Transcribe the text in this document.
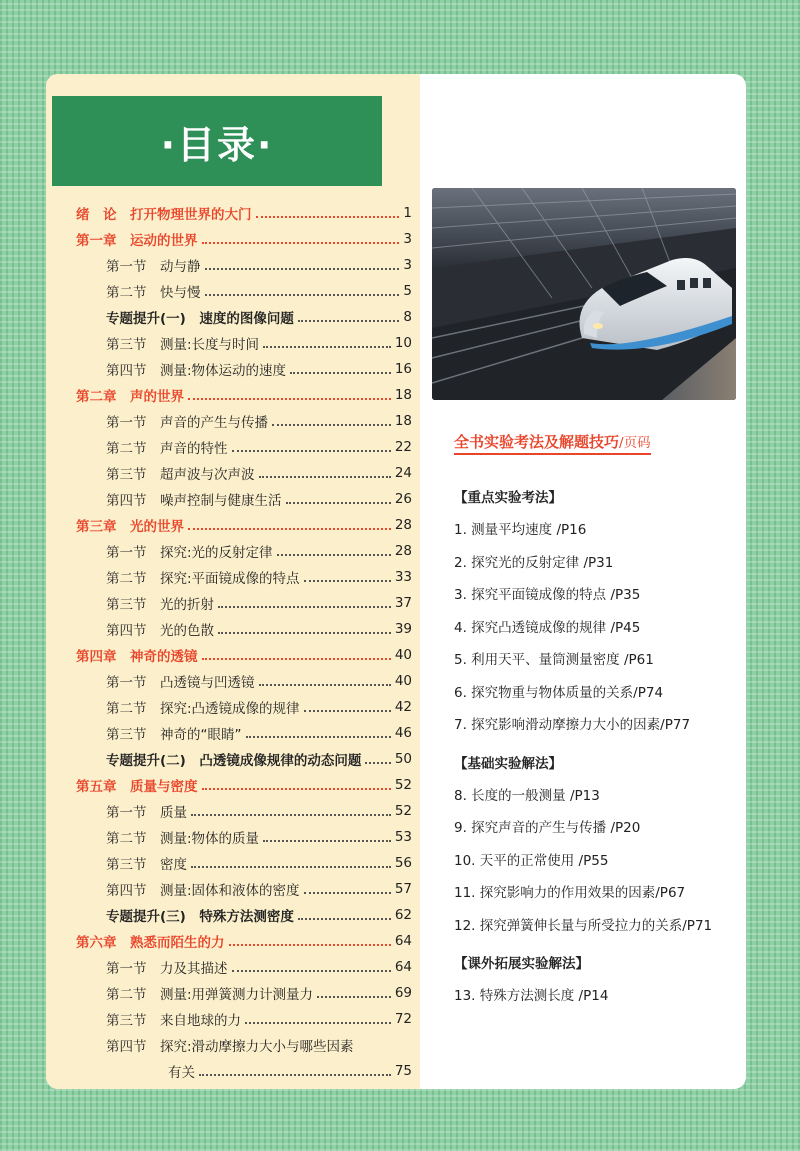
·目录·
绪　论　打开物理世界的大门	1
第一章　运动的世界	3
第一节　动与静	3
第二节　快与慢	5
专题提升(一)　速度的图像问题	8
第三节　测量:长度与时间	10
第四节　测量:物体运动的速度	16
第二章　声的世界	18
第一节　声音的产生与传播	18
第二节　声音的特性	22
第三节　超声波与次声波	24
第四节　噪声控制与健康生活	26
第三章　光的世界	28
第一节　探究:光的反射定律	28
第二节　探究:平面镜成像的特点	33
第三节　光的折射	37
第四节　光的色散	39
第四章　神奇的透镜	40
第一节　凸透镜与凹透镜	40
第二节　探究:凸透镜成像的规律	42
第三节　神奇的“眼睛”	46
专题提升(二)　凸透镜成像规律的动态问题 50
第五章　质量与密度	52
第一节　质量	52
第二节　测量:物体的质量	53
第三节　密度	56
第四节　测量:固体和液体的密度	57
专题提升(三)　特殊方法测密度	62
第六章　熟悉而陌生的力	64
第一节　力及其描述	64
第二节　测量:用弹簧测力计测量力	69
第三节　来自地球的力	72
第四节　探究:滑动摩擦力大小与哪些因素
有关	75
全书实验考法及解题技巧/页码
【重点实验考法】
1. 测量平均速度 /P16
2. 探究光的反射定律 /P31
3. 探究平面镜成像的特点 /P35
4. 探究凸透镜成像的规律 /P45
5. 利用天平、量筒测量密度 /P61
6. 探究物重与物体质量的关系/P74
7. 探究影响滑动摩擦力大小的因素/P77
【基础实验解法】
8. 长度的一般测量 /P13
9. 探究声音的产生与传播 /P20
10. 天平的正常使用 /P55
11. 探究影响力的作用效果的因素/P67
12. 探究弹簧伸长量与所受拉力的关系/P71
【课外拓展实验解法】
13. 特殊方法测长度 /P14
